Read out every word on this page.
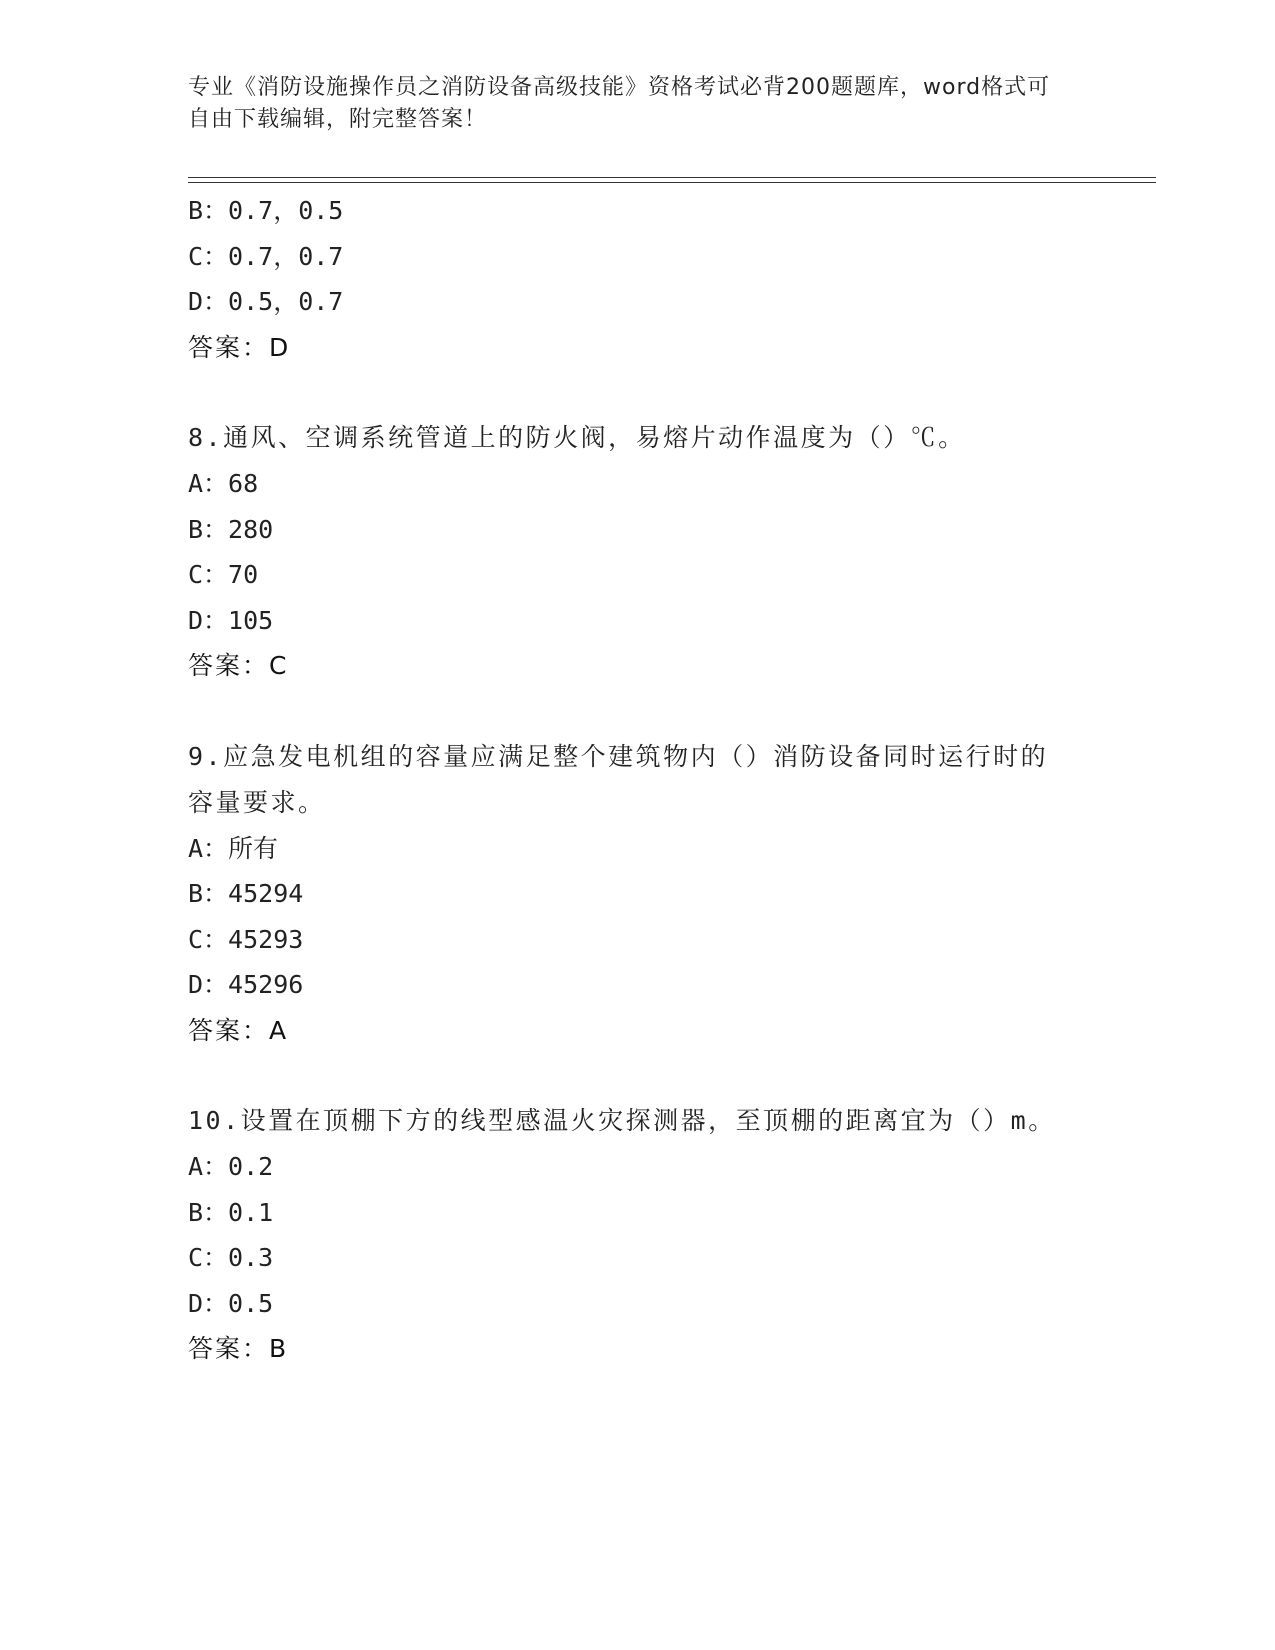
专业《消防设施操作员之消防设备高级技能》资格考试必背200题题库，word格式可自由下载编辑，附完整答案！
B：0.7，0.5
C：0.7，0.7
D：0.5，0.7
答案：D
8.通风、空调系统管道上的防火阀，易熔片动作温度为（）℃。
A：68
B：280
C：70
D：105
答案：C
9.应急发电机组的容量应满足整个建筑物内（）消防设备同时运行时的容量要求。
A：所有
B：45294
C：45293
D：45296
答案：A
10.设置在顶棚下方的线型感温火灾探测器，至顶棚的距离宜为（）m。
A：0.2
B：0.1
C：0.3
D：0.5
答案：B
